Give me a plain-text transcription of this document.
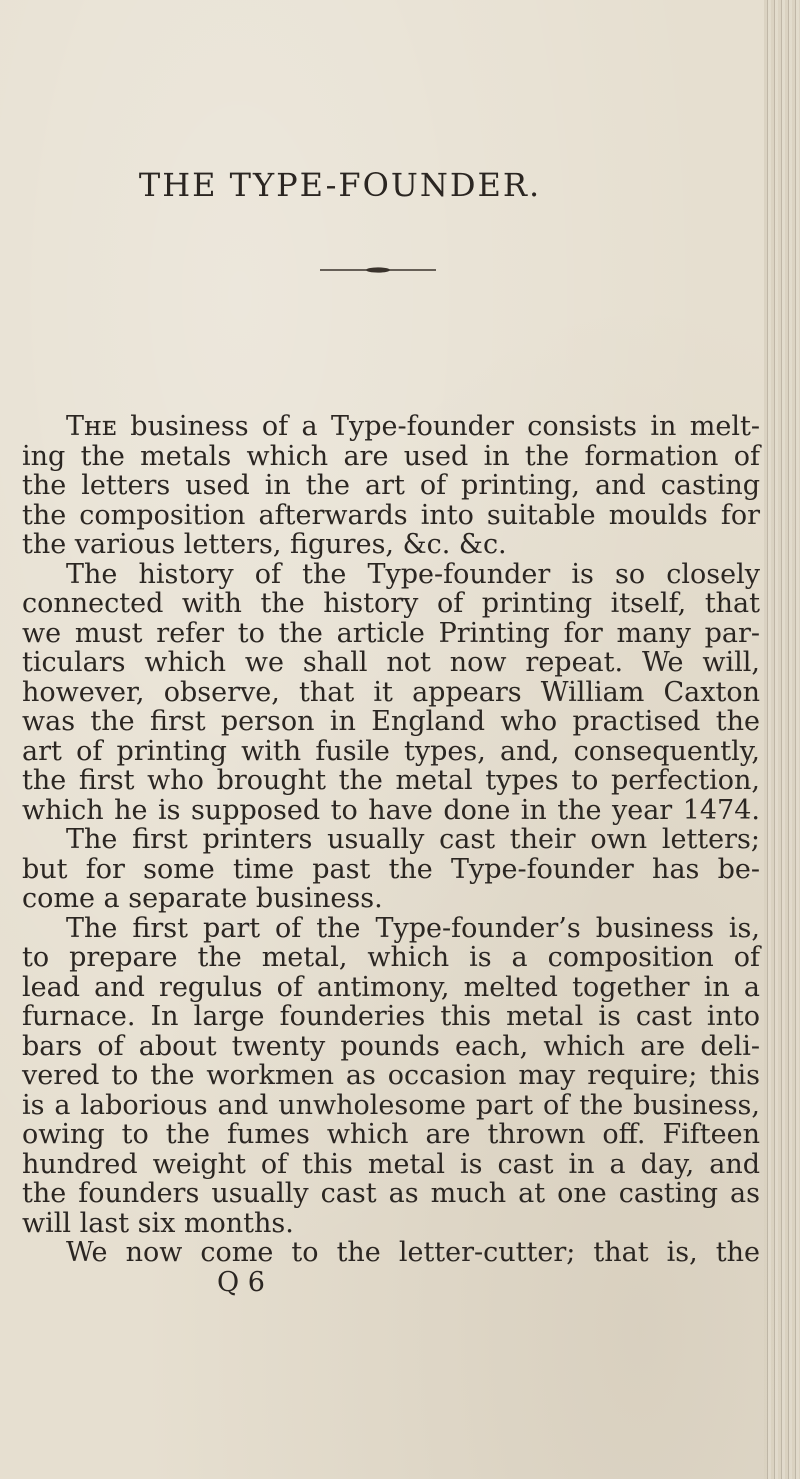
THE TYPE-FOUNDER.
Tʜᴇ business of a Type-founder consists in melt-
ing the metals which are used in the formation of
the letters used in the art of printing, and casting
the composition afterwards into suitable moulds for
the various letters, figures, &c. &c.
The history of the Type-founder is so closely
connected with the history of printing itself, that
we must refer to the article Printing for many par-
ticulars which we shall not now repeat. We will,
however, observe, that it appears William Caxton
was the first person in England who practised the
art of printing with fusile types, and, consequently,
the first who brought the metal types to perfection,
which he is supposed to have done in the year 1474.
The first printers usually cast their own letters;
but for some time past the Type-founder has be-
come a separate business.
The first part of the Type-founder’s business is,
to prepare the metal, which is a composition of
lead and regulus of antimony, melted together in a
furnace. In large founderies this metal is cast into
bars of about twenty pounds each, which are deli-
vered to the workmen as occasion may require; this
is a laborious and unwholesome part of the business,
owing to the fumes which are thrown off. Fifteen
hundred weight of this metal is cast in a day, and
the founders usually cast as much at one casting as
will last six months.
We now come to the letter-cutter; that is, the
Q 6
